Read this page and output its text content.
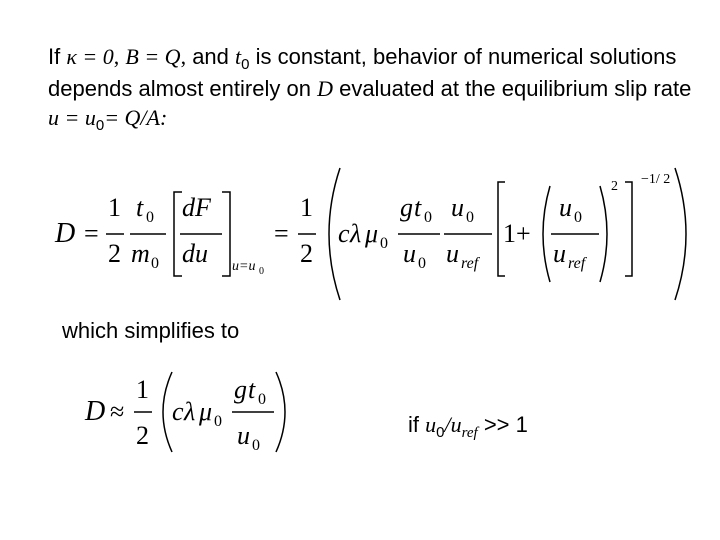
If κ = 0, B = Q, and $t_0$ is constant, behavior of numerical solutions depends almost entirely on D evaluated at the equilibrium slip rate $u = u_0= Q/A$:
D =
1
2
t 0
m 0
dF
du u=u 0
=
1
2
c λ μ 0
g t 0
u 0
u 0
u ref
1+
u 0
u ref
2 −1/ 2
which simplifies to
D ≈
1
2
c λ μ 0
g t 0
u 0
if $u_0/u_{ref} >> 1$
